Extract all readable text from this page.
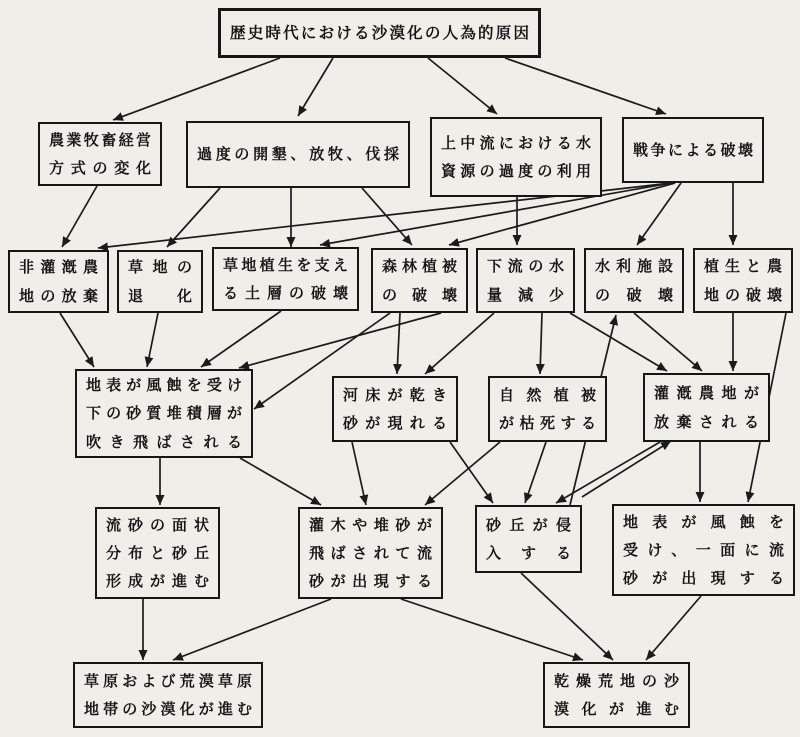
歴史時代における沙漠化の人為的原因
農業牧畜経営
方式の変化
過度の開墾、放牧、伐採
上中流における水
資源の過度の利用
戦争による破壊
非灌漑農
地の放棄
草地の
退化
草地植生を支え
る土層の破壊
森林植被
の破壊
下流の水
量減少
水利施設
の破壊
植生と農
地の破壊
地表が風蝕を受け
下の砂質堆積層が
吹き飛ばされる
河床が乾き
砂が現れる
自然植被
が枯死する
灌漑農地が
放棄される
流砂の面状
分布と砂丘
形成が進む
灌木や堆砂が
飛ばされて流
砂が出現する
砂丘が侵
入する
地表が風蝕を
受け、一面に流
砂が出現する
草原および荒漠草原
地帯の沙漠化が進む
乾燥荒地の沙
漠化が進む
